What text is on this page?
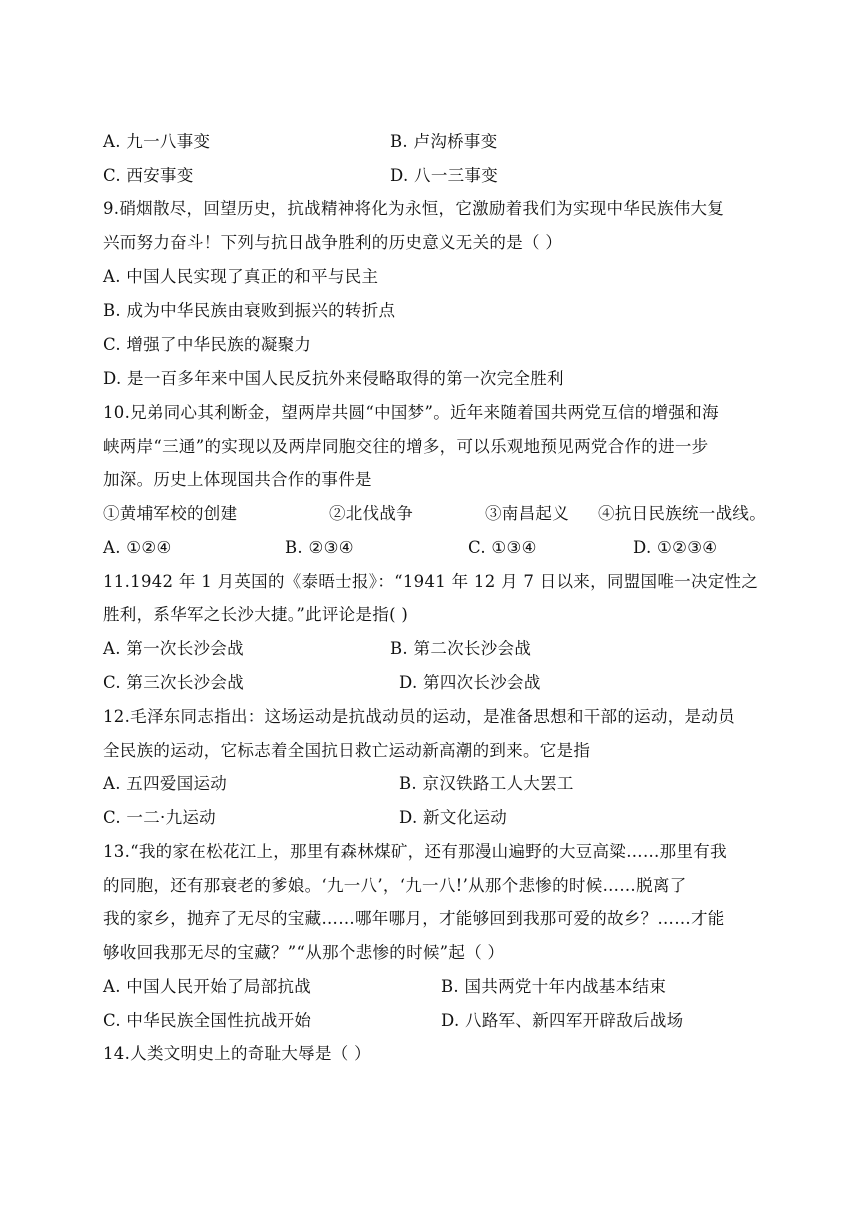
A. 九一八事变	B. 卢沟桥事变
C. 西安事变	D. 八一三事变
9.硝烟散尽，回望历史，抗战精神将化为永恒，它激励着我们为实现中华民族伟大复
兴而努力奋斗！下列与抗日战争胜利的历史意义无关的是（ ）
A. 中国人民实现了真正的和平与民主
B. 成为中华民族由衰败到振兴的转折点
C. 增强了中华民族的凝聚力
D. 是一百多年来中国人民反抗外来侵略取得的第一次完全胜利
10.兄弟同心其利断金，望两岸共圆“中国梦”。近年来随着国共两党互信的增强和海
峡两岸“三通”的实现以及两岸同胞交往的增多，可以乐观地预见两党合作的进一步
加深。历史上体现国共合作的事件是
①黄埔军校的创建	②北伐战争	③南昌起义 ④抗日民族统一战线。
A. ①②④	B. ②③④	C. ①③④	D. ①②③④
11.1942 年 1 月英国的《泰晤士报》：“1941 年 12 月 7 日以来，同盟国唯一决定性之
胜利，系华军之长沙大捷。”此评论是指( )
A. 第一次长沙会战	B. 第二次长沙会战
C. 第三次长沙会战	D. 第四次长沙会战
12.毛泽东同志指出：这场运动是抗战动员的运动，是准备思想和干部的运动，是动员
全民族的运动，它标志着全国抗日救亡运动新高潮的到来。它是指
A. 五四爱国运动	B. 京汉铁路工人大罢工
C. 一二·九运动	D. 新文化运动
13.“我的家在松花江上，那里有森林煤矿，还有那漫山遍野的大豆高粱……那里有我
的同胞，还有那衰老的爹娘。‘九一八’，‘九一八!’从那个悲惨的时候……脱离了
我的家乡，抛弃了无尽的宝藏……哪年哪月，才能够回到我那可爱的故乡？……才能
够收回我那无尽的宝藏？”“从那个悲惨的时候”起（ ）
A. 中国人民开始了局部抗战	B. 国共两党十年内战基本结束
C. 中华民族全国性抗战开始	D. 八路军、新四军开辟敌后战场
14.人类文明史上的奇耻大辱是（ ）
